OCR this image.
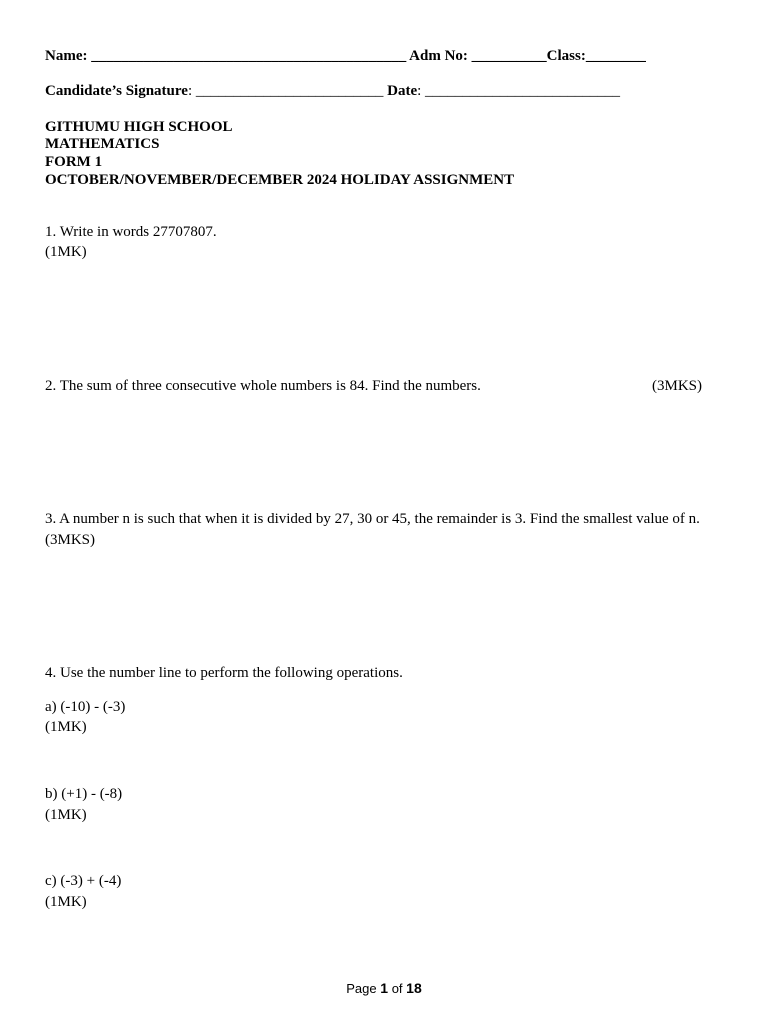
Name: __________________________________________ Adm No: __________Class:________
Candidate’s Signature: _________________________ Date: __________________________
GITHUMU HIGH SCHOOL
MATHEMATICS
FORM 1
OCTOBER/NOVEMBER/DECEMBER 2024 HOLIDAY ASSIGNMENT
1. Write in words 27707807.
(1MK)
2. The sum of three consecutive whole numbers is 84. Find the numbers.	(3MKS)
3. A number n is such that when it is divided by 27, 30 or 45, the remainder is 3. Find the smallest value of n.
(3MKS)
4. Use the number line to perform the following operations.
a) (-10) - (-3)
(1MK)
b) (+1) - (-8)
(1MK)
c) (-3) + (-4)
(1MK)
Page 1 of 18
